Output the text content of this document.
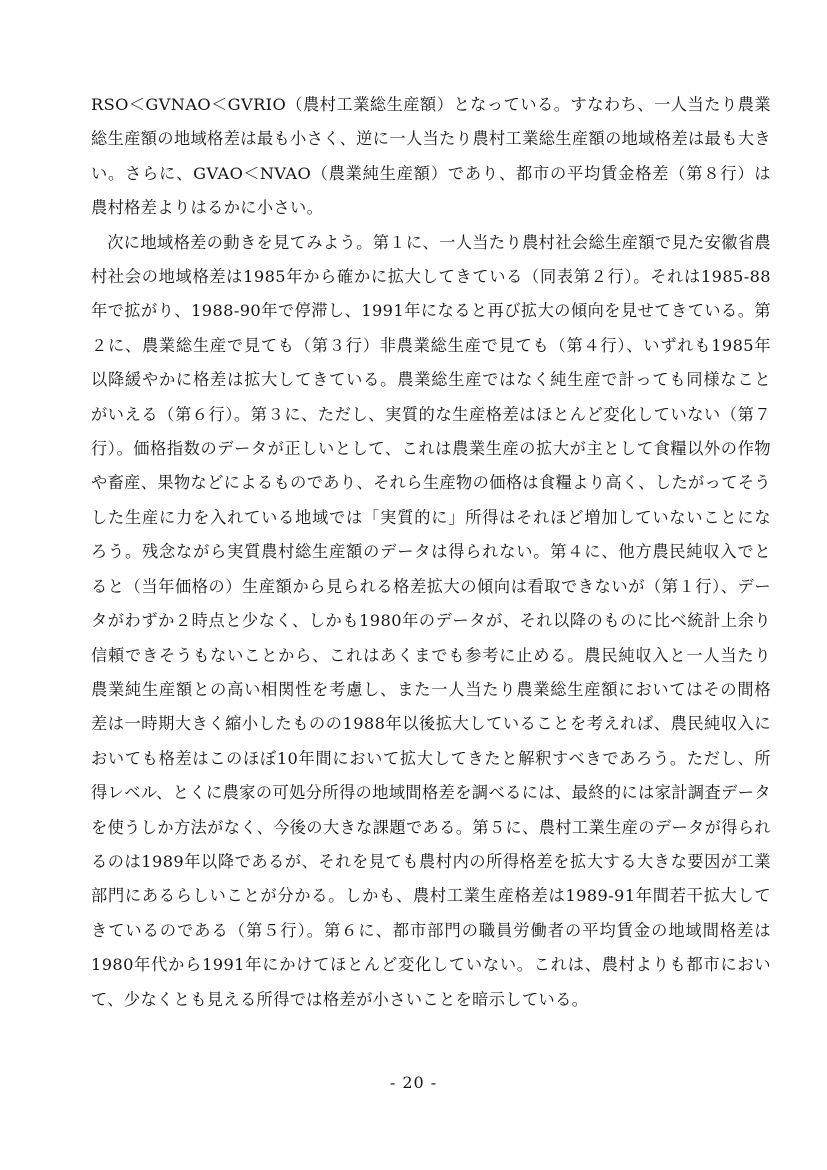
RSO＜GVNAO＜GVRIO（農村工業総生産額）となっている。すなわち、一人当たり農業総生産額の地域格差は最も小さく、逆に一人当たり農村工業総生産額の地域格差は最も大きい。さらに、GVAO＜NVAO（農業純生産額）であり、都市の平均賃金格差（第８行）は農村格差よりはるかに小さい。

次に地域格差の動きを見てみよう。第１に、一人当たり農村社会総生産額で見た安徽省農村社会の地域格差は1985年から確かに拡大してきている（同表第２行）。それは1985-88年で拡がり、1988-90年で停滞し、1991年になると再び拡大の傾向を見せてきている。第２に、農業総生産で見ても（第３行）非農業総生産で見ても（第４行）、いずれも1985年以降緩やかに格差は拡大してきている。農業総生産ではなく純生産で計っても同様なことがいえる（第６行）。第３に、ただし、実質的な生産格差はほとんど変化していない（第７行）。価格指数のデータが正しいとして、これは農業生産の拡大が主として食糧以外の作物や畜産、果物などによるものであり、それら生産物の価格は食糧より高く、したがってそうした生産に力を入れている地域では「実質的に」所得はそれほど増加していないことになろう。残念ながら実質農村総生産額のデータは得られない。第４に、他方農民純収入でとると（当年価格の）生産額から見られる格差拡大の傾向は看取できないが（第１行）、データがわずか２時点と少なく、しかも1980年のデータが、それ以降のものに比べ統計上余り信頼できそうもないことから、これはあくまでも参考に止める。農民純収入と一人当たり農業純生産額との高い相関性を考慮し、また一人当たり農業総生産額においてはその間格差は一時期大きく縮小したものの1988年以後拡大していることを考えれば、農民純収入においても格差はこのほぼ10年間において拡大してきたと解釈すべきであろう。ただし、所得レベル、とくに農家の可処分所得の地域間格差を調べるには、最終的には家計調査データを使うしか方法がなく、今後の大きな課題である。第５に、農村工業生産のデータが得られるのは1989年以降であるが、それを見ても農村内の所得格差を拡大する大きな要因が工業部門にあるらしいことが分かる。しかも、農村工業生産格差は1989-91年間若干拡大してきているのである（第５行）。第６に、都市部門の職員労働者の平均賃金の地域間格差は1980年代から1991年にかけてほとんど変化していない。これは、農村よりも都市において、少なくとも見える所得では格差が小さいことを暗示している。

- 20 -
